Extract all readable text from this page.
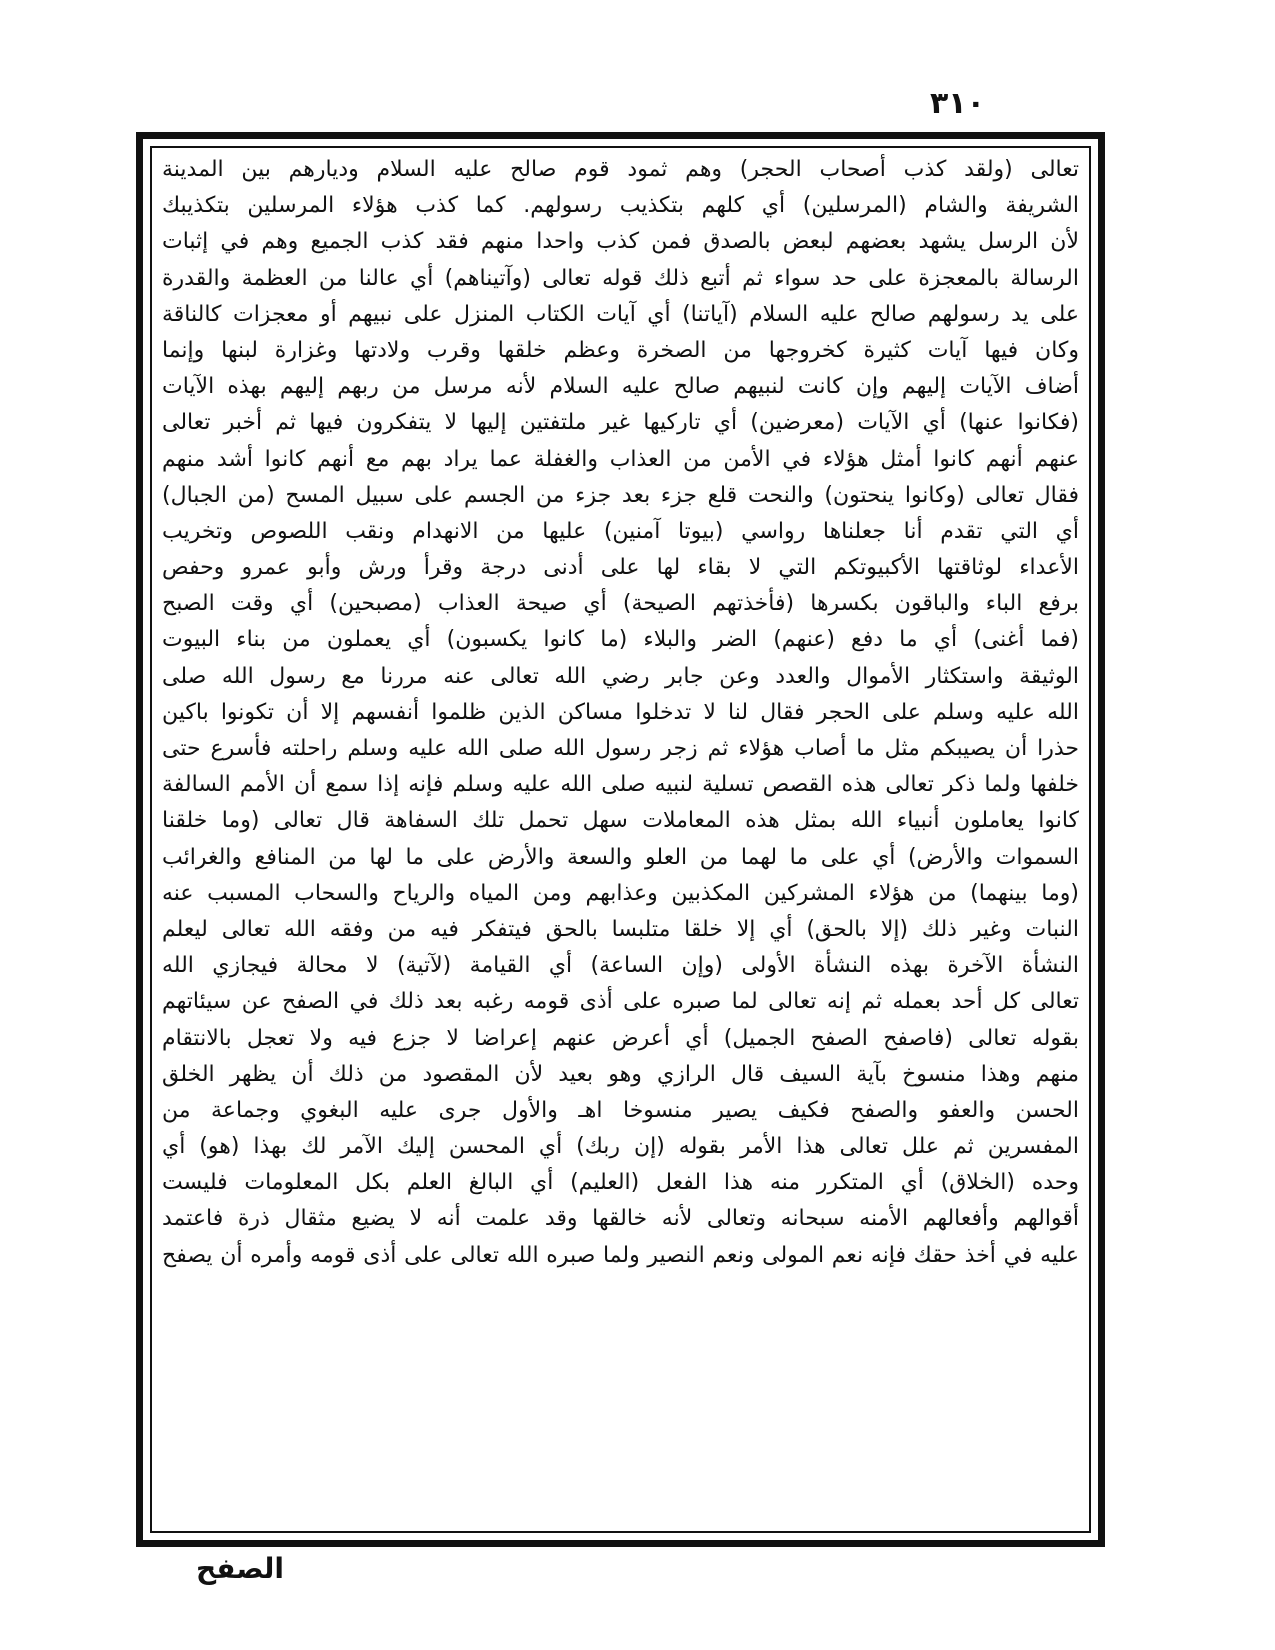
٣١٠
تعالى (ولقد كذب أصحاب الحجر) وهم ثمود قوم صالح عليه السلام وديارهم بين المدينة
الشريفة والشام (المرسلين) أي كلهم بتكذيب رسولهم. كما كذب هؤلاء المرسلين بتكذيبك
لأن الرسل يشهد بعضهم لبعض بالصدق فمن كذب واحدا منهم فقد كذب الجميع وهم في إثبات
الرسالة بالمعجزة على حد سواء ثم أتبع ذلك قوله تعالى (وآتيناهم) أي عالنا من العظمة والقدرة
على يد رسولهم صالح عليه السلام (آياتنا) أي آيات الكتاب المنزل على نبيهم أو معجزات كالناقة
وكان فيها آيات كثيرة كخروجها من الصخرة وعظم خلقها وقرب ولادتها وغزارة لبنها وإنما
أضاف الآيات إليهم وإن كانت لنبيهم صالح عليه السلام لأنه مرسل من ربهم إليهم بهذه الآيات
(فكانوا عنها) أي الآيات (معرضين) أي تاركيها غير ملتفتين إليها لا يتفكرون فيها ثم أخبر تعالى
عنهم أنهم كانوا أمثل هؤلاء في الأمن من العذاب والغفلة عما يراد بهم مع أنهم كانوا أشد منهم
فقال تعالى (وكانوا ينحتون) والنحت قلع جزء بعد جزء من الجسم على سبيل المسح (من الجبال)
أي التي تقدم أنا جعلناها رواسي (بيوتا آمنين) عليها من الانهدام ونقب اللصوص وتخريب
الأعداء لوثاقتها الأكبيوتكم التي لا بقاء لها على أدنى درجة وقرأ ورش وأبو عمرو وحفص
برفع الباء والباقون بكسرها (فأخذتهم الصيحة) أي صيحة العذاب (مصبحين) أي وقت الصبح
(فما أغنى) أي ما دفع (عنهم) الضر والبلاء (ما كانوا يكسبون) أي يعملون من بناء البيوت
الوثيقة واستكثار الأموال والعدد وعن جابر رضي الله تعالى عنه مررنا مع رسول الله صلى
الله عليه وسلم على الحجر فقال لنا لا تدخلوا مساكن الذين ظلموا أنفسهم إلا أن تكونوا باكين
حذرا أن يصيبكم مثل ما أصاب هؤلاء ثم زجر رسول الله صلى الله عليه وسلم راحلته فأسرع حتى
خلفها ولما ذكر تعالى هذه القصص تسلية لنبيه صلى الله عليه وسلم فإنه إذا سمع أن الأمم السالفة
كانوا يعاملون أنبياء الله بمثل هذه المعاملات سهل تحمل تلك السفاهة قال تعالى (وما خلقنا
السموات والأرض) أي على ما لهما من العلو والسعة والأرض على ما لها من المنافع والغرائب
(وما بينهما) من هؤلاء المشركين المكذبين وعذابهم ومن المياه والرياح والسحاب المسبب عنه
النبات وغير ذلك (إلا بالحق) أي إلا خلقا متلبسا بالحق فيتفكر فيه من وفقه الله تعالى ليعلم
النشأة الآخرة بهذه النشأة الأولى (وإن الساعة) أي القيامة (لآتية) لا محالة فيجازي الله
تعالى كل أحد بعمله ثم إنه تعالى لما صبره على أذى قومه رغبه بعد ذلك في الصفح عن سيئاتهم
بقوله تعالى (فاصفح الصفح الجميل) أي أعرض عنهم إعراضا لا جزع فيه ولا تعجل بالانتقام
منهم وهذا منسوخ بآية السيف قال الرازي وهو بعيد لأن المقصود من ذلك أن يظهر الخلق
الحسن والعفو والصفح فكيف يصير منسوخا اهـ والأول جرى عليه البغوي وجماعة من
المفسرين ثم علل تعالى هذا الأمر بقوله (إن ربك) أي المحسن إليك الآمر لك بهذا (هو) أي
وحده (الخلاق) أي المتكرر منه هذا الفعل (العليم) أي البالغ العلم بكل المعلومات فليست
أقوالهم وأفعالهم الأمنه سبحانه وتعالى لأنه خالقها وقد علمت أنه لا يضيع مثقال ذرة فاعتمد
عليه في أخذ حقك فإنه نعم المولى ونعم النصير ولما صبره الله تعالى على أذى قومه وأمره أن يصفح
الصفح
